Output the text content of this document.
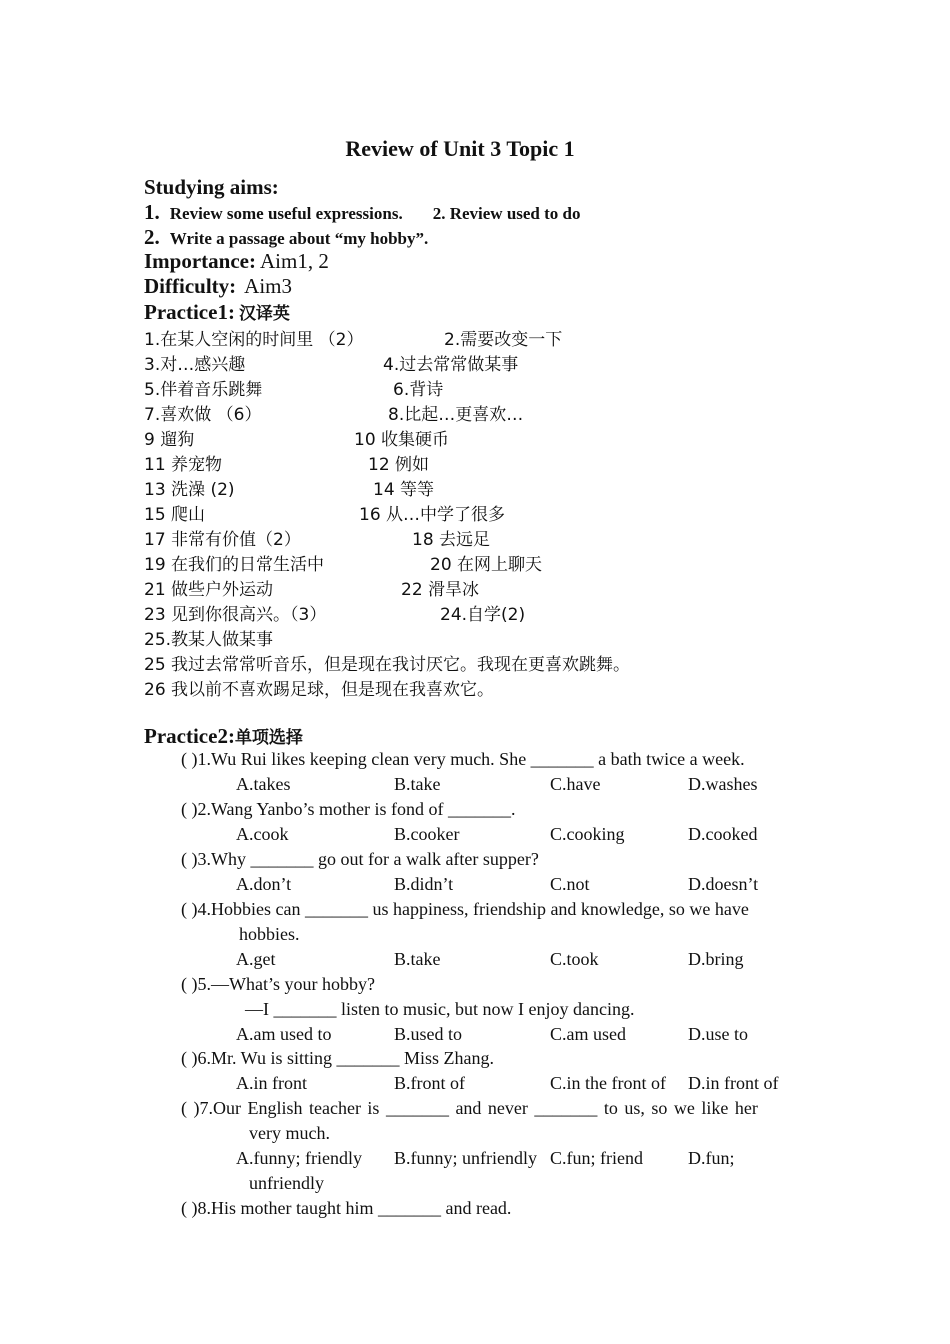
Review of Unit 3 Topic 1
Studying aims:
1. Review some useful expressions. 2. Review used to do
2. Write a passage about “my hobby”.
Importance: Aim1, 2
Difficulty: Aim3
Practice1: 汉译英
1.在某人空闲的时间里 （2）	2.需要改变一下
3.对…感兴趣	4.过去常常做某事
5.伴着音乐跳舞	6.背诗
7.喜欢做 （6）	8.比起…更喜欢…
9 遛狗	10 收集硬币
11 养宠物	12 例如
13 洗澡 (2)	14 等等
15 爬山	16 从…中学了很多
17 非常有价值（2）	18 去远足
19 在我们的日常生活中	20 在网上聊天
21 做些户外运动	22 滑旱冰
23 见到你很高兴。（3）	24.自学(2)
25.教某人做某事
25 我过去常常听音乐，但是现在我讨厌它。我现在更喜欢跳舞。
26 我以前不喜欢踢足球，但是现在我喜欢它。
Practice2:单项选择
( )1.Wu Rui likes keeping clean very much. She _______ a bath twice a week.
A.takes	B.take	C.have	D.washes
( )2.Wang Yanbo’s mother is fond of _______.
A.cook	B.cooker	C.cooking	D.cooked
( )3.Why _______ go out for a walk after supper?
A.don’t	B.didn’t	C.not	D.doesn’t
( )4.Hobbies can _______ us happiness, friendship and knowledge, so we have
hobbies.
A.get	B.take	C.took	D.bring
( )5.—What’s your hobby?
—I _______ listen to music, but now I enjoy dancing.
A.am used to	B.used to	C.am used	D.use to
( )6.Mr. Wu is sitting _______ Miss Zhang.
A.in front	B.front of	C.in the front of D.in front of
( )7.Our English teacher is _______ and never _______ to us, so we like her
very much.
A.funny; friendly B.funny; unfriendly C.fun; friend	D.fun;
unfriendly
( )8.His mother taught him _______ and read.
